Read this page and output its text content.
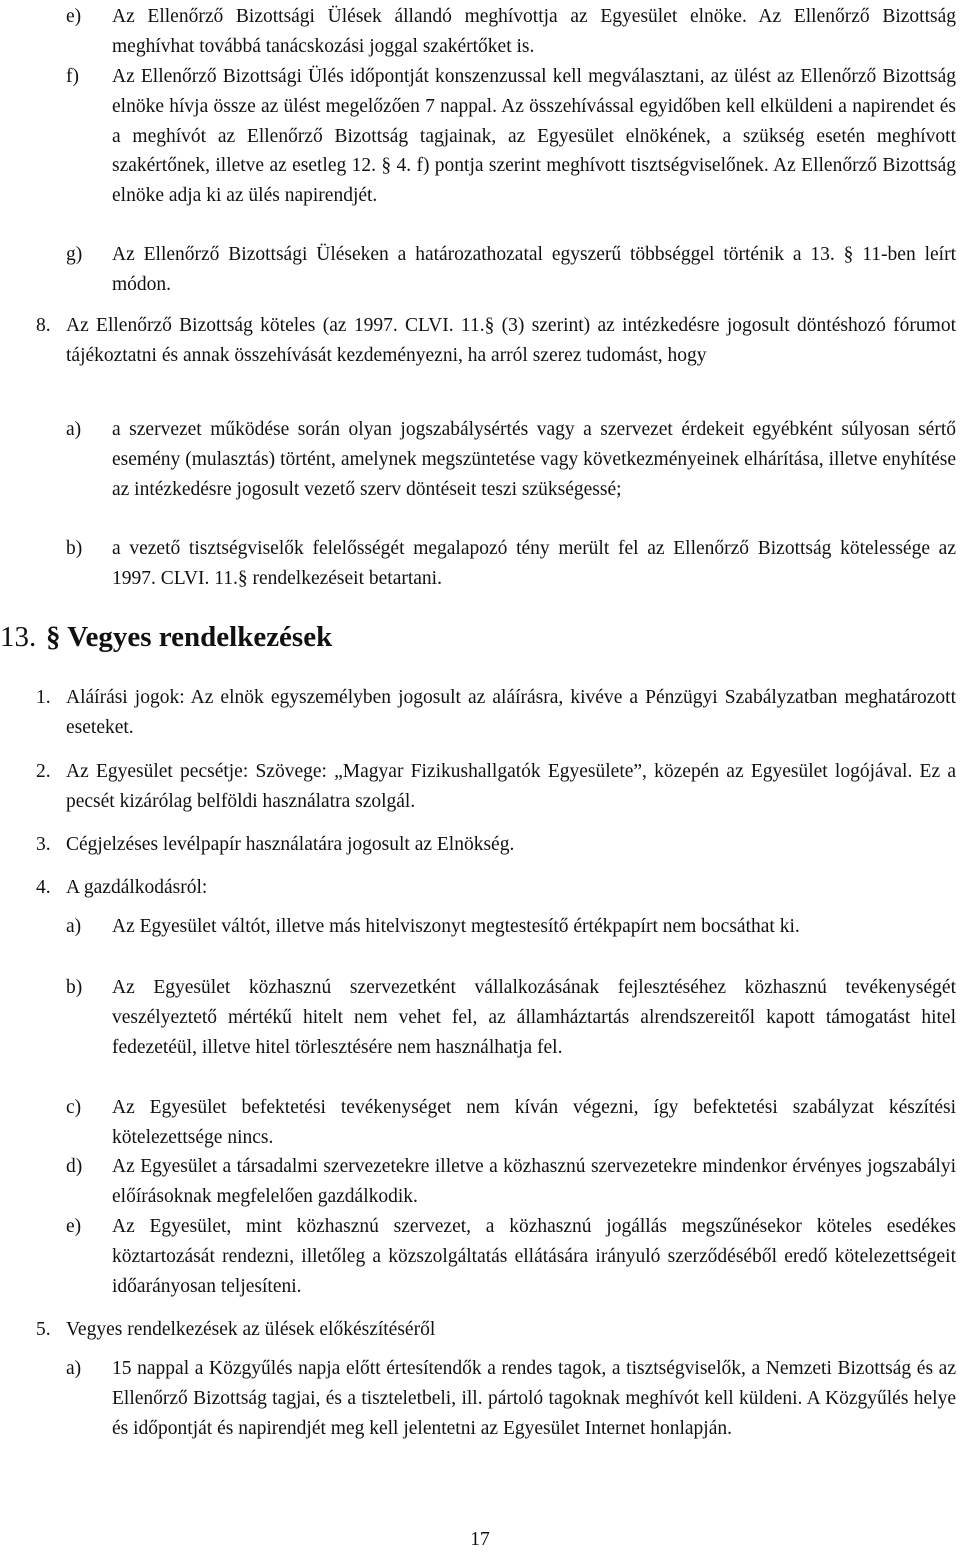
e) Az Ellenőrző Bizottsági Ülések állandó meghívottja az Egyesület elnöke. Az Ellenőrző Bizottság meghívhat továbbá tanácskozási joggal szakértőket is.
f) Az Ellenőrző Bizottsági Ülés időpontját konszenzussal kell megválasztani, az ülést az Ellenőrző Bizottság elnöke hívja össze az ülést megelőzően 7 nappal. Az összehívással egyidőben kell elküldeni a napirendet és a meghívót az Ellenőrző Bizottság tagjainak, az Egyesület elnökének, a szükség esetén meghívott szakértőnek, illetve az esetleg 12. § 4. f) pontja szerint meghívott tisztségviselőnek. Az Ellenőrző Bizottság elnöke adja ki az ülés napirendjét.
g) Az Ellenőrző Bizottsági Üléseken a határozathozatal egyszerű többséggel történik a 13. § 11-ben leírt módon.
8. Az Ellenőrző Bizottság köteles (az 1997. CLVI. 11.§ (3) szerint) az intézkedésre jogosult döntéshozó fórumot tájékoztatni és annak összehívását kezdeményezni, ha arról szerez tudomást, hogy
a) a szervezet működése során olyan jogszabálysértés vagy a szervezet érdekeit egyébként súlyosan sértő esemény (mulasztás) történt, amelynek megszüntetése vagy következményeinek elhárítása, illetve enyhítése az intézkedésre jogosult vezető szerv döntéseit teszi szükségessé;
b) a vezető tisztségviselők felelősségét megalapozó tény merült fel az Ellenőrző Bizottság kötelessége az 1997. CLVI. 11.§ rendelkezéseit betartani.
13. § Vegyes rendelkezések
1. Aláírási jogok: Az elnök egyszemélyben jogosult az aláírásra, kivéve a Pénzügyi Szabályzatban meghatározott eseteket.
2. Az Egyesület pecsétje: Szövege: „Magyar Fizikushallgatók Egyesülete”, közepén az Egyesület logójával. Ez a pecsét kizárólag belföldi használatra szolgál.
3. Cégjelzéses levélpapír használatára jogosult az Elnökség.
4. A gazdálkodásról:
a) Az Egyesület váltót, illetve más hitelviszonyt megtestesítő értékpapírt nem bocsáthat ki.
b) Az Egyesület közhasznú szervezetként vállalkozásának fejlesztéséhez közhasznú tevékenységét veszélyeztető mértékű hitelt nem vehet fel, az államháztartás alrendszereitől kapott támogatást hitel fedezetéül, illetve hitel törlesztésére nem használhatja fel.
c) Az Egyesület befektetési tevékenységet nem kíván végezni, így befektetési szabályzat készítési kötelezettsége nincs.
d) Az Egyesület a társadalmi szervezetekre illetve a közhasznú szervezetekre mindenkor érvényes jogszabályi előírásoknak megfelelően gazdálkodik.
e) Az Egyesület, mint közhasznú szervezet, a közhasznú jogállás megszűnésekor köteles esedékes köztartozását rendezni, illetőleg a közszolgáltatás ellátására irányuló szerződéséből eredő kötelezettségeit időarányosan teljesíteni.
5. Vegyes rendelkezések az ülések előkészítéséről
a) 15 nappal a Közgyűlés napja előtt értesítendők a rendes tagok, a tisztségviselők, a Nemzeti Bizottság és az Ellenőrző Bizottság tagjai, és a tiszteletbeli, ill. pártoló tagoknak meghívót kell küldeni. A Közgyűlés helye és időpontját és napirendjét meg kell jelentetni az Egyesület Internet honlapján.
17
